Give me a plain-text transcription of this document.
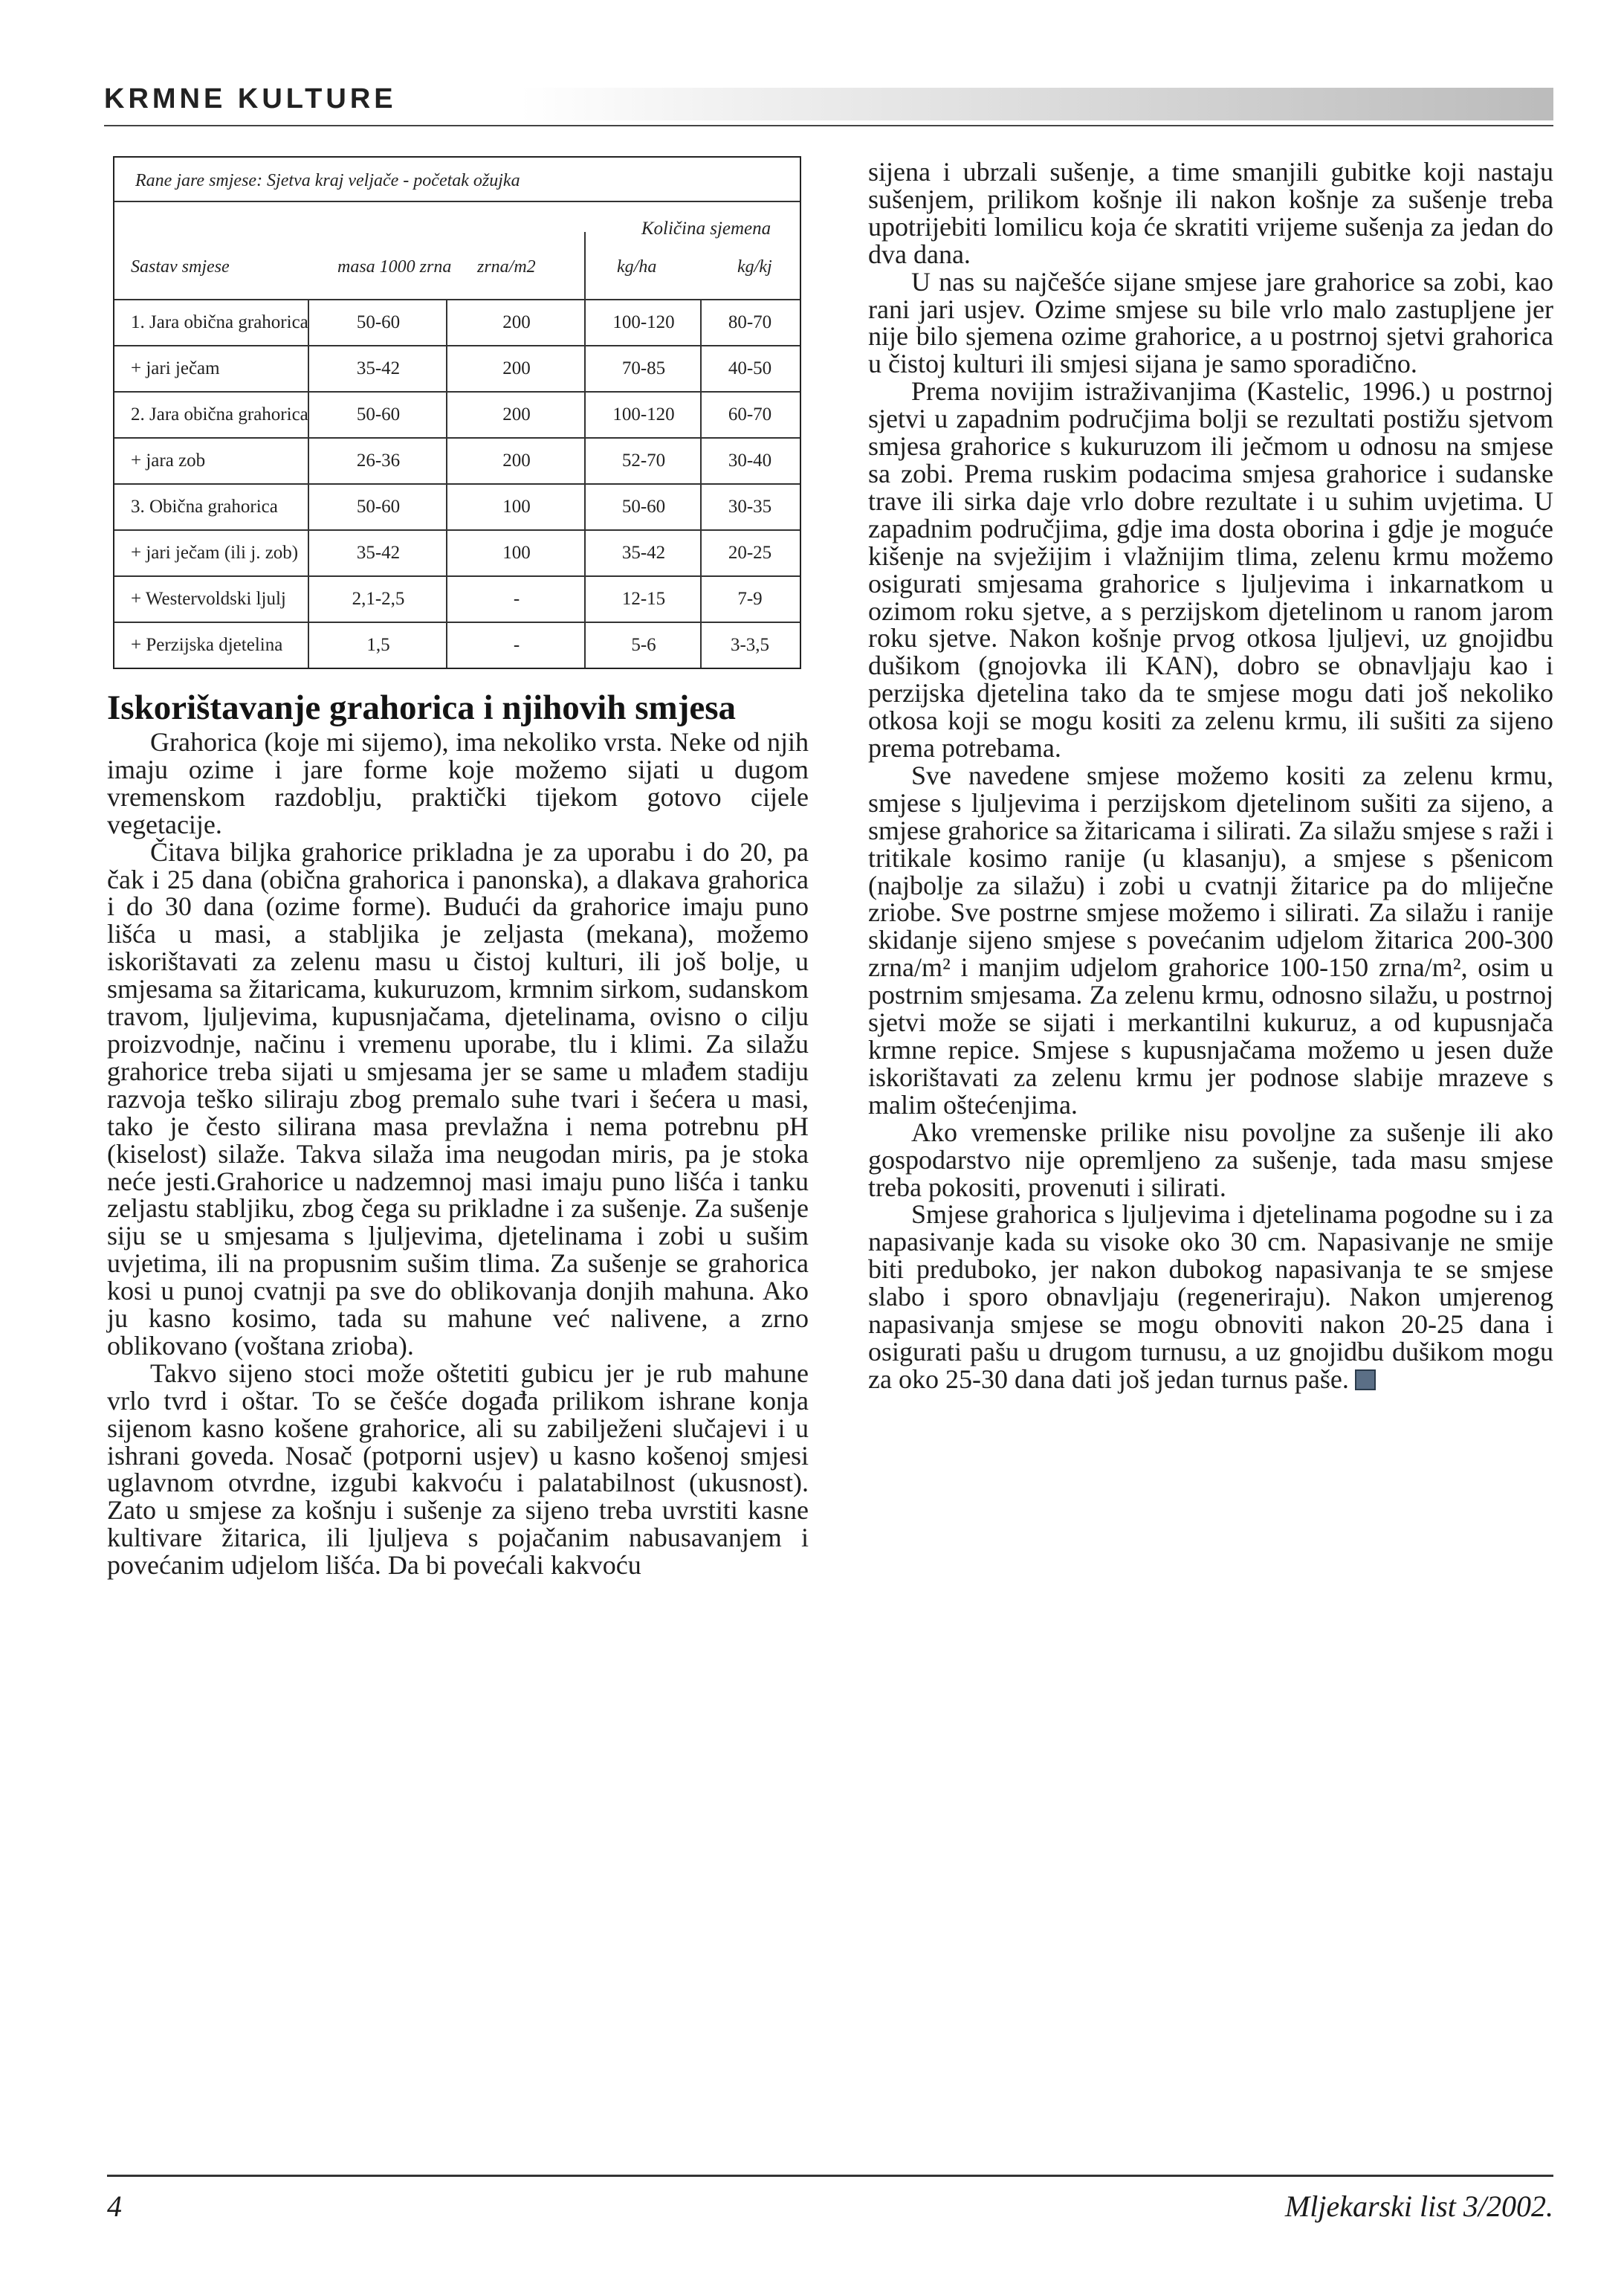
KRMNE KULTURE
Rane jare smjese: Sjetva kraj veljače - početak ožujka
Količina sjemena
Sastav smjese	masa 1000 zrna zrna/m2	kg/ha	kg/kj
1. Jara obična grahorica	50-60	200	100-120	80-70
+ jari ječam	35-42	200	70-85	40-50
2. Jara obična grahorica	50-60	200	100-120	60-70
+ jara zob	26-36	200	52-70	30-40
3. Obična grahorica	50-60	100	50-60	30-35
+ jari ječam (ili j. zob)	35-42	100	35-42	20-25
+ Westervoldski ljulj	2,1-2,5	-	12-15	7-9
+ Perzijska djetelina	1,5	-	5-6	3-3,5
Iskorištavanje grahorica i njihovih smjesa

Grahorica (koje mi sijemo), ima nekoliko vrsta. Neke od njih imaju ozime i jare forme koje možemo sijati u dugom vremenskom razdoblju, praktički tijekom gotovo cijele vegetacije.

Čitava biljka grahorice prikladna je za uporabu i do 20, pa čak i 25 dana (obična grahorica i panonska), a dlakava grahorica i do 30 dana (ozime forme). Budući da grahorice imaju puno lišća u masi, a stabljika je zeljasta (mekana), možemo iskorištavati za zelenu masu u čistoj kulturi, ili još bolje, u smjesama sa žitaricama, kukuruzom, krmnim sirkom, sudanskom travom, ljuljevima, kupusnjačama, djetelinama, ovisno o cilju proizvodnje, načinu i vremenu uporabe, tlu i klimi. Za silažu grahorice treba sijati u smjesama jer se same u mlađem stadiju razvoja teško siliraju zbog premalo suhe tvari i šećera u masi, tako je često silirana masa prevlažna i nema potrebnu pH (kiselost) silaže. Takva silaža ima neugodan miris, pa je stoka neće jesti.Grahorice u nadzemnoj masi imaju puno lišća i tanku zeljastu stabljiku, zbog čega su prikladne i za sušenje. Za sušenje siju se u smjesama s ljuljevima, djetelinama i zobi u sušim uvjetima, ili na propusnim sušim tlima. Za sušenje se grahorica kosi u punoj cvatnji pa sve do oblikovanja donjih mahuna. Ako ju kasno kosimo, tada su mahune već nalivene, a zrno oblikovano (voštana zrioba).

Takvo sijeno stoci može oštetiti gubicu jer je rub mahune vrlo tvrd i oštar. To se češće događa prilikom ishrane konja sijenom kasno košene grahorice, ali su zabilježeni slučajevi i u ishrani goveda. Nosač (potporni usjev) u kasno košenoj smjesi uglavnom otvrdne, izgubi kakvoću i palatabilnost (ukusnost). Zato u smjese za košnju i sušenje za sijeno treba uvrstiti kasne kultivare žitarica, ili ljuljeva s pojačanim nabusavanjem i povećanim udjelom lišća. Da bi povećali kakvoću

sijena i ubrzali sušenje, a time smanjili gubitke koji nastaju sušenjem, prilikom košnje ili nakon košnje za sušenje treba upotrijebiti lomilicu koja će skratiti vrijeme sušenja za jedan do dva dana.

U nas su najčešće sijane smjese jare grahorice sa zobi, kao rani jari usjev. Ozime smjese su bile vrlo malo zastupljene jer nije bilo sjemena ozime grahorice, a u postrnoj sjetvi grahorica u čistoj kulturi ili smjesi sijana je samo sporadično.

Prema novijim istraživanjima (Kastelic, 1996.) u postrnoj sjetvi u zapadnim područjima bolji se rezultati postižu sjetvom smjesa grahorice s kukuruzom ili ječmom u odnosu na smjese sa zobi. Prema ruskim podacima smjesa grahorice i sudanske trave ili sirka daje vrlo dobre rezultate i u suhim uvjetima. U zapadnim područjima, gdje ima dosta oborina i gdje je moguće kišenje na svježijim i vlažnijim tlima, zelenu krmu možemo osigurati smjesama grahorice s ljuljevima i inkarnatkom u ozimom roku sjetve, a s perzijskom djetelinom u ranom jarom roku sjetve. Nakon košnje prvog otkosa ljuljevi, uz gnojidbu dušikom (gnojovka ili KAN), dobro se obnavljaju kao i perzijska djetelina tako da te smjese mogu dati još nekoliko otkosa koji se mogu kositi za zelenu krmu, ili sušiti za sijeno prema potrebama.

Sve navedene smjese možemo kositi za zelenu krmu, smjese s ljuljevima i perzijskom djetelinom sušiti za sijeno, a smjese grahorice sa žitaricama i silirati. Za silažu smjese s raži i tritikale kosimo ranije (u klasanju), a smjese s pšenicom (najbolje za silažu) i zobi u cvatnji žitarice pa do mliječne zriobe. Sve postrne smjese možemo i silirati. Za silažu i ranije skidanje sijeno smjese s povećanim udjelom žitarica 200-300 zrna/m² i manjim udjelom grahorice 100-150 zrna/m², osim u postrnim smjesama. Za zelenu krmu, odnosno silažu, u postrnoj sjetvi može se sijati i merkantilni kukuruz, a od kupusnjača krmne repice. Smjese s kupusnjačama možemo u jesen duže iskorištavati za zelenu krmu jer podnose slabije mrazeve s malim oštećenjima.

Ako vremenske prilike nisu povoljne za sušenje ili ako gospodarstvo nije opremljeno za sušenje, tada masu smjese treba pokositi, provenuti i silirati.

Smjese grahorica s ljuljevima i djetelinama pogodne su i za napasivanje kada su visoke oko 30 cm. Napasivanje ne smije biti preduboko, jer nakon dubokog napasivanja te se smjese slabo i sporo obnavljaju (regeneriraju). Nakon umjerenog napasivanja smjese se mogu obnoviti nakon 20-25 dana i osigurati pašu u drugom turnusu, a uz gnojidbu dušikom mogu za oko 25-30 dana dati još jedan turnus paše.

4	Mljekarski list 3/2002.
